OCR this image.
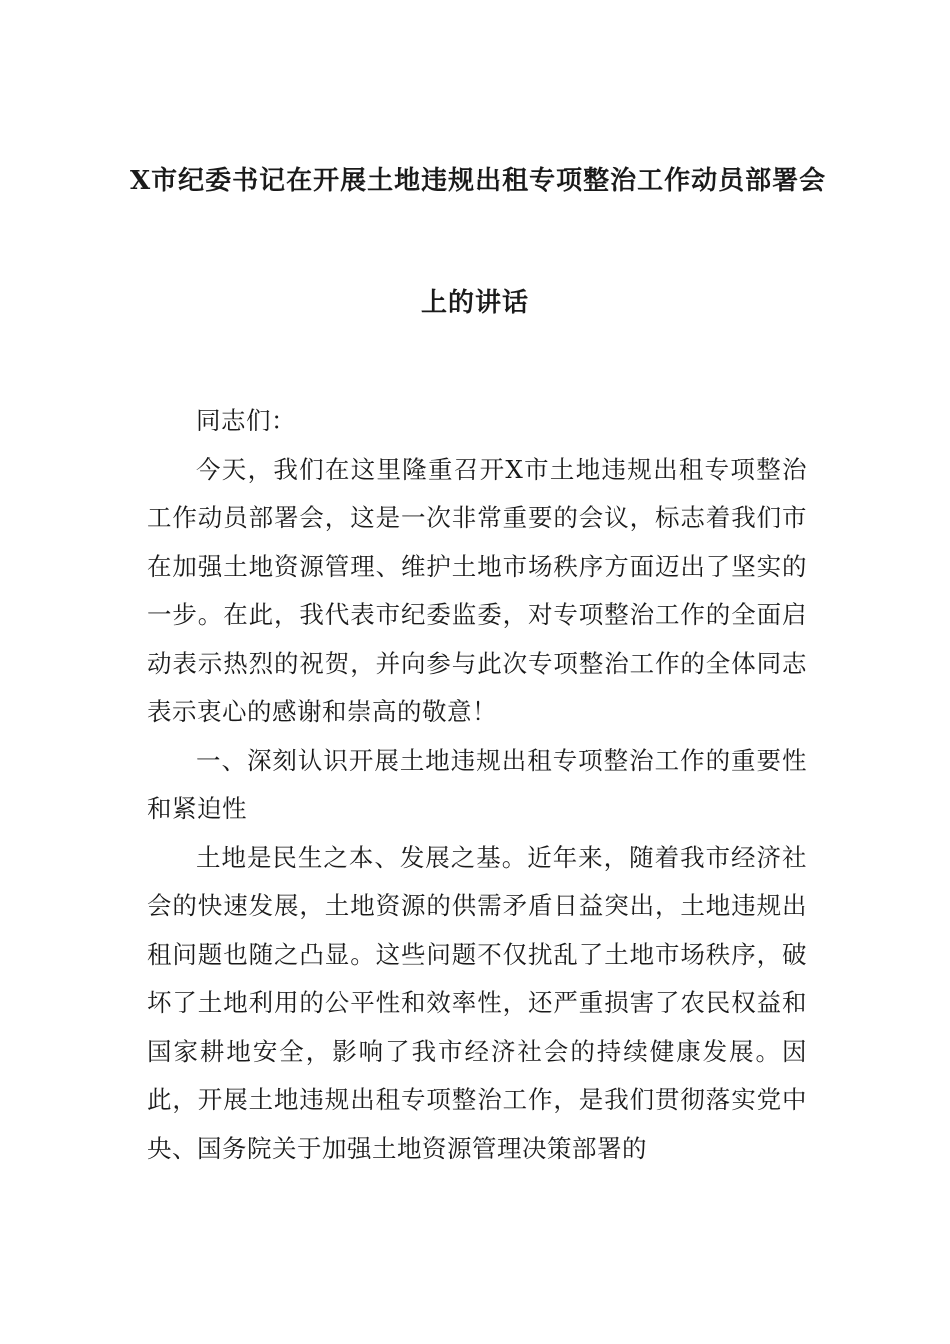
X市纪委书记在开展土地违规出租专项整治工作动员部署会
上的讲话

同志们：

今天，我们在这里隆重召开X市土地违规出租专项整治工作动员部署会，这是一次非常重要的会议，标志着我们市在加强土地资源管理、维护土地市场秩序方面迈出了坚实的一步。在此，我代表市纪委监委，对专项整治工作的全面启动表示热烈的祝贺，并向参与此次专项整治工作的全体同志表示衷心的感谢和崇高的敬意！

一、深刻认识开展土地违规出租专项整治工作的重要性和紧迫性

土地是民生之本、发展之基。近年来，随着我市经济社会的快速发展，土地资源的供需矛盾日益突出，土地违规出租问题也随之凸显。这些问题不仅扰乱了土地市场秩序，破坏了土地利用的公平性和效率性，还严重损害了农民权益和国家耕地安全，影响了我市经济社会的持续健康发展。因此，开展土地违规出租专项整治工作，是我们贯彻落实党中央、国务院关于加强土地资源管理决策部署的
